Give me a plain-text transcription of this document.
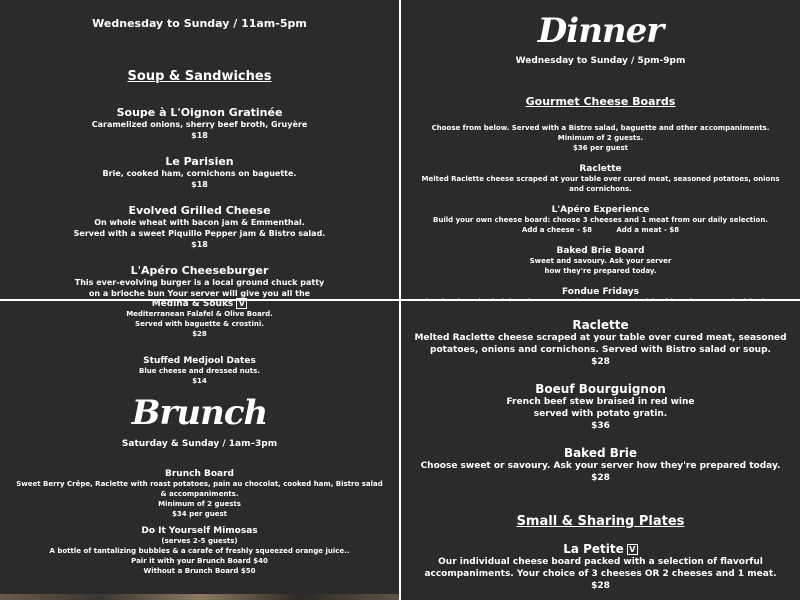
Wednesday to Sunday / 11am-5pm
Soup & Sandwiches
Soupe à L'Oignon Gratinée
Caramelized onions, sherry beef broth, Gruyère
$18
Le Parisien
Brie, cooked ham, cornichons on baguette.
$18
Evolved Grilled Cheese
On whole wheat with bacon jam & Emmenthal.
Served with a sweet Piquillo Pepper jam & Bistro salad.
$18
L'Apéro Cheeseburger
This ever-evolving burger is a local ground chuck patty
on a brioche bun Your server will give you all the
Dinner
Wednesday to Sunday / 5pm-9pm
Gourmet Cheese Boards
Choose from below. Served with a Bistro salad, baguette and other accompaniments. Minimum of 2 guests.
$36 per guest
Raclette
Melted Raclette cheese scraped at your table over cured meat, seasoned potatoes, onions and cornichons.
L'Apéro Experience
Build your own cheese board: choose 3 cheeses and 1 meat from our daily selection.
Add a cheese - $8          Add a meat - $8
Baked Brie Board
Sweet and savoury. Ask your server
how they're prepared today.
Fondue Fridays
Medina & Souks V
Mediterranean Falafel & Olive Board.
Served with baguette & crostini.
$28
Stuffed Medjool Dates
Blue cheese and dressed nuts.
$14
Brunch
Saturday & Sunday / 1am–3pm
Brunch Board
Sweet Berry Crêpe, Raclette with roast potatoes, pain au chocolat, cooked ham, Bistro salad & accompaniments.
Minimum of 2 guests
$34 per guest
Do It Yourself Mimosas
(serves 2-5 guests)
A bottle of tantalizing bubbles & a carafe of freshly squeezed orange juice..
Pair it with your Brunch Board $40
Without a Brunch Board $50
Raclette
Melted Raclette cheese scraped at your table over cured meat, seasoned potatoes, onions and cornichons. Served with Bistro salad or soup.
$28
Boeuf Bourguignon
French beef stew braised in red wine
served with potato gratin.
$36
Baked Brie
Choose sweet or savoury. Ask your server how they're prepared today.
$28
Small & Sharing Plates
La Petite V
Our individual cheese board packed with a selection of flavorful accompaniments. Your choice of 3 cheeses OR 2 cheeses and 1 meat.
$28
